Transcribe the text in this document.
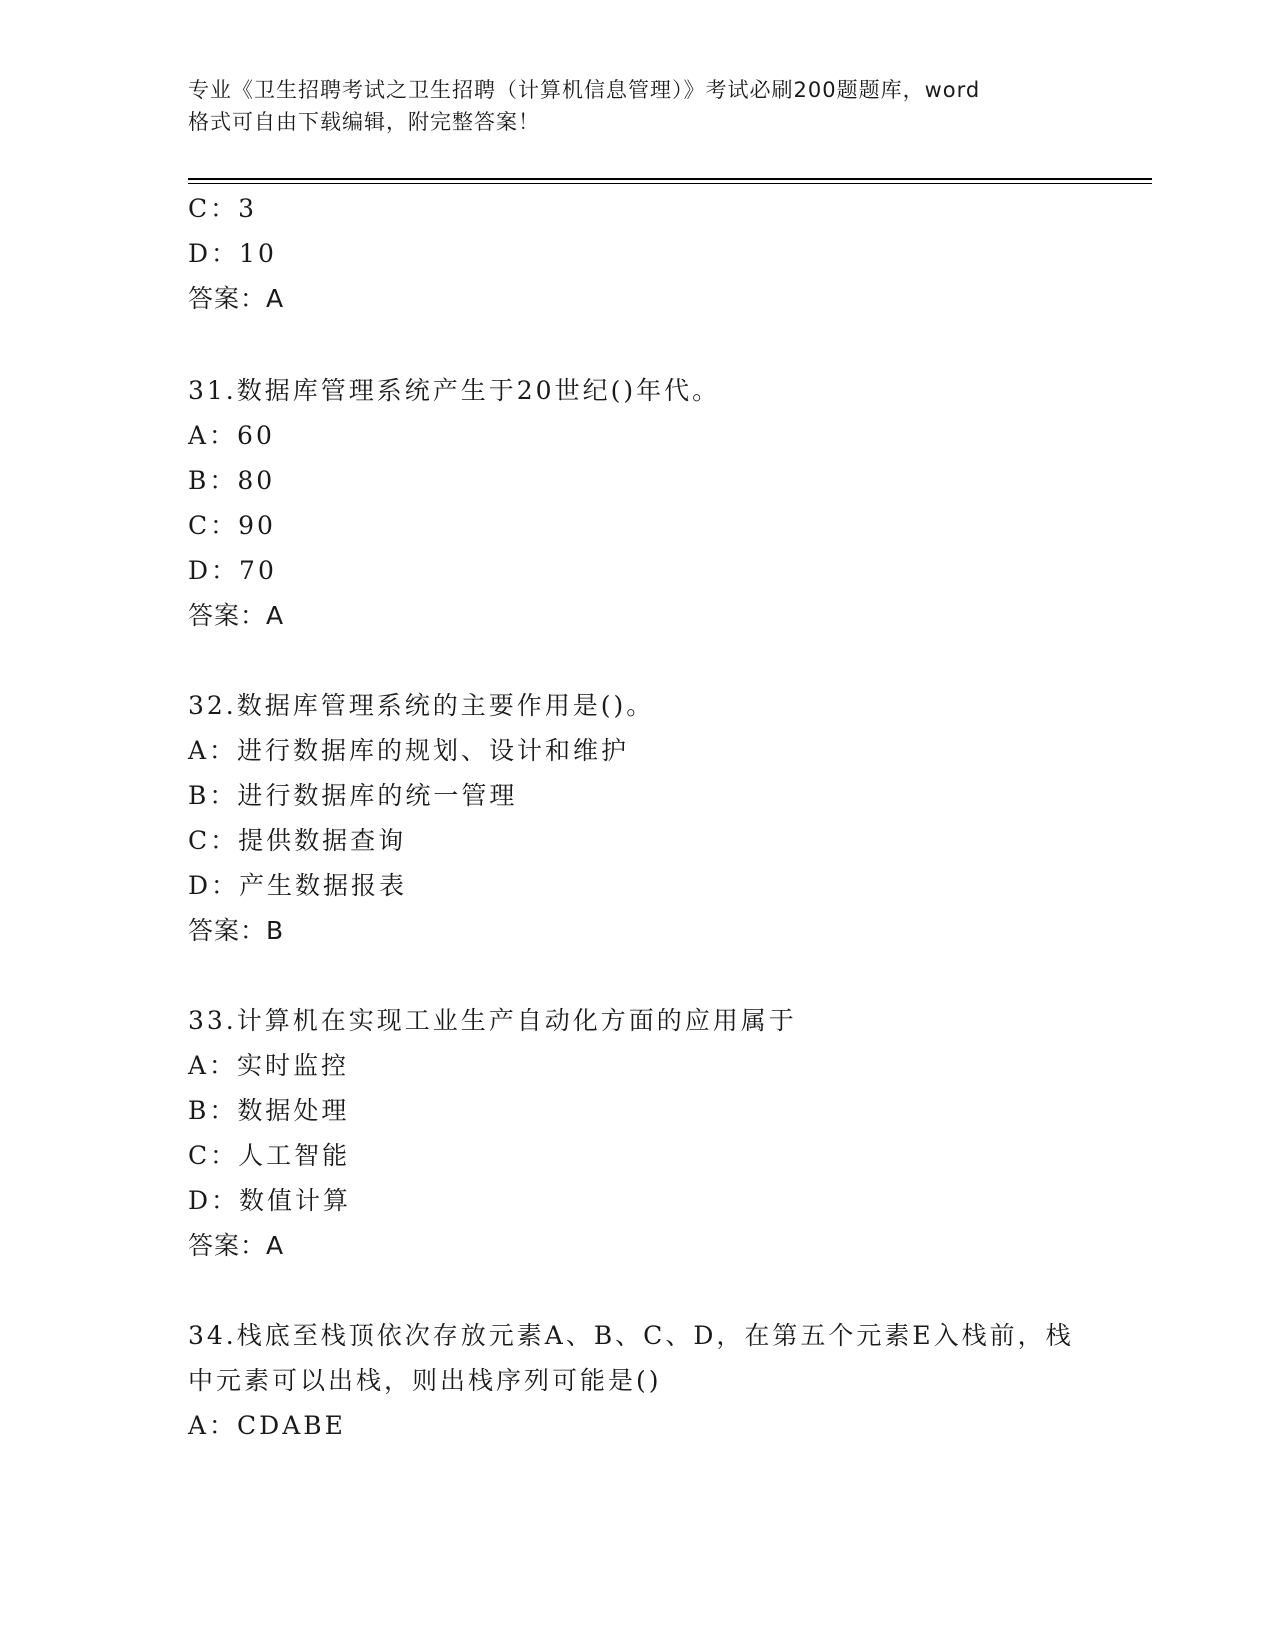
专业《卫生招聘考试之卫生招聘（计算机信息管理）》考试必刷200题题库，word
格式可自由下载编辑，附完整答案！
C：3
D：10
答案：A
31.数据库管理系统产生于20世纪()年代。
A：60
B：80
C：90
D：70
答案：A
32.数据库管理系统的主要作用是()。
A：进行数据库的规划、设计和维护
B：进行数据库的统一管理
C：提供数据查询
D：产生数据报表
答案：B
33.计算机在实现工业生产自动化方面的应用属于
A：实时监控
B：数据处理
C：人工智能
D：数值计算
答案：A
34.栈底至栈顶依次存放元素A、B、C、D，在第五个元素E入栈前，栈
中元素可以出栈，则出栈序列可能是()
A：CDABE
